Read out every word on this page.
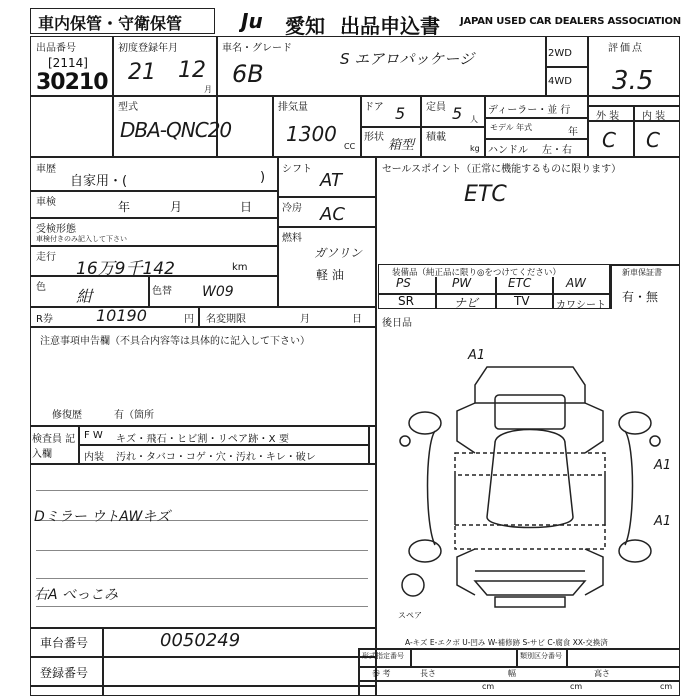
車内保管・守衛保管	Ju 愛知 出品申込書 JAPAN USED CAR DEALERS ASSOCIATION
出品番号
[2114]
30210
初度登録年月
21 12
月
車名・グレード
6B
S エアロパッケージ	2WD
4WD
評価点
3.5
外 装 内 装
C C
型式
DBA-QNC20
排気量
1300
CC
ドア 5 定員 5 人
形状
箱型
積載
kg
ディーラー・並 行
モデル 年式	年
ハンドル 左・右
車歴
自家用・(	)
車検	年	月	日
受検形態
車検付きのみ記入して下さい
走行
16万9千142	km
色 紺	色替 W09
シフト
AT
冷房 AC
燃料
ガソリン
軽 油
R券	10190	円 名変期限	月	日
セールスポイント（正常に機能するものに限ります）
ETC
装備品（純正品に限り◎をつけてください）
PS	PW	ETC	AW
SR	ナビ	TV	カワシート
新車保証書
有・無
注意事項申告欄（不具合内容等は具体的に記入して下さい）
修復歴	有（箇所
検査員 記入欄
F W キズ・飛石・ヒビ割・リペア跡・X 要
内装 汚れ・タバコ・コゲ・穴・汚れ・キレ・破レ
Dミラー ウトAWキズ
右A べっこみ
後日品
A1
A1
A1
スペア
A-キズ E-エクボ U-凹み W-補修跡 S-サビ C-腐食 XX-交換済
車台番号	0050249
登録番号
形式指定番号	類別区分番号
参 考	長さ	幅	高さ
cm	cm	cm
